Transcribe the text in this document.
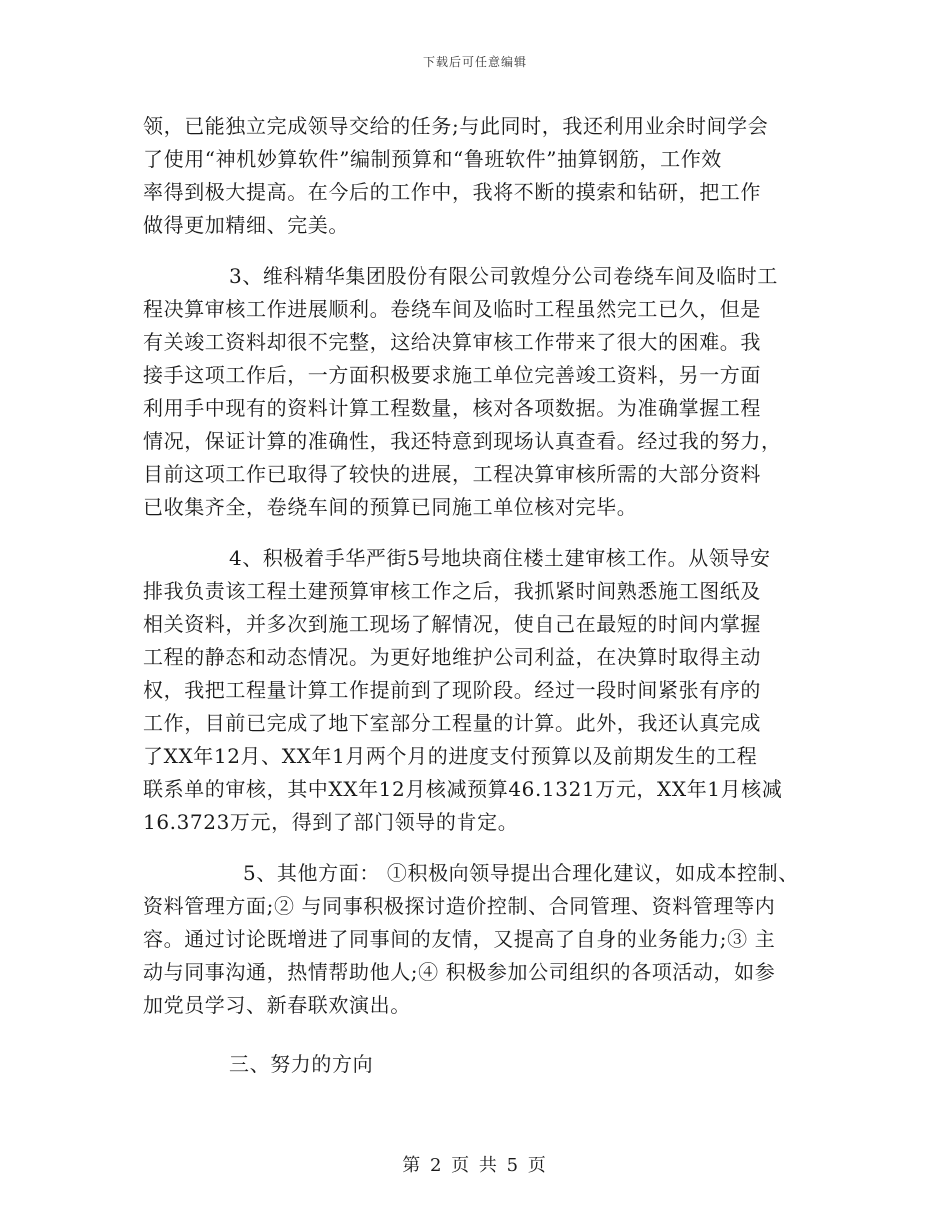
下载后可任意编辑
领，已能独立完成领导交给的任务;与此同时，我还利用业余时间学会
了使用“神机妙算软件”编制预算和“鲁班软件”抽算钢筋，工作效
率得到极大提高。在今后的工作中，我将不断的摸索和钻研，把工作
做得更加精细、完美。
3、维科精华集团股份有限公司敦煌分公司卷绕车间及临时工
程决算审核工作进展顺利。卷绕车间及临时工程虽然完工已久，但是
有关竣工资料却很不完整，这给决算审核工作带来了很大的困难。我
接手这项工作后，一方面积极要求施工单位完善竣工资料，另一方面
利用手中现有的资料计算工程数量，核对各项数据。为准确掌握工程
情况，保证计算的准确性，我还特意到现场认真查看。经过我的努力，
目前这项工作已取得了较快的进展，工程决算审核所需的大部分资料
已收集齐全，卷绕车间的预算已同施工单位核对完毕。
4、积极着手华严街5号地块商住楼土建审核工作。从领导安
排我负责该工程土建预算审核工作之后，我抓紧时间熟悉施工图纸及
相关资料，并多次到施工现场了解情况，使自己在最短的时间内掌握
工程的静态和动态情况。为更好地维护公司利益，在决算时取得主动
权，我把工程量计算工作提前到了现阶段。经过一段时间紧张有序的
工作，目前已完成了地下室部分工程量的计算。此外，我还认真完成
了XX年12月、XX年1月两个月的进度支付预算以及前期发生的工程
联系单的审核，其中XX年12月核减预算46.1321万元，XX年1月核减
16.3723万元，得到了部门领导的肯定。
5、其他方面： ①积极向领导提出合理化建议，如成本控制、
资料管理方面;② 与同事积极探讨造价控制、合同管理、资料管理等内
容。通过讨论既增进了同事间的友情，又提高了自身的业务能力;③ 主
动与同事沟通，热情帮助他人;④ 积极参加公司组织的各项活动，如参
加党员学习、新春联欢演出。
三、努力的方向
第 2 页 共 5 页
